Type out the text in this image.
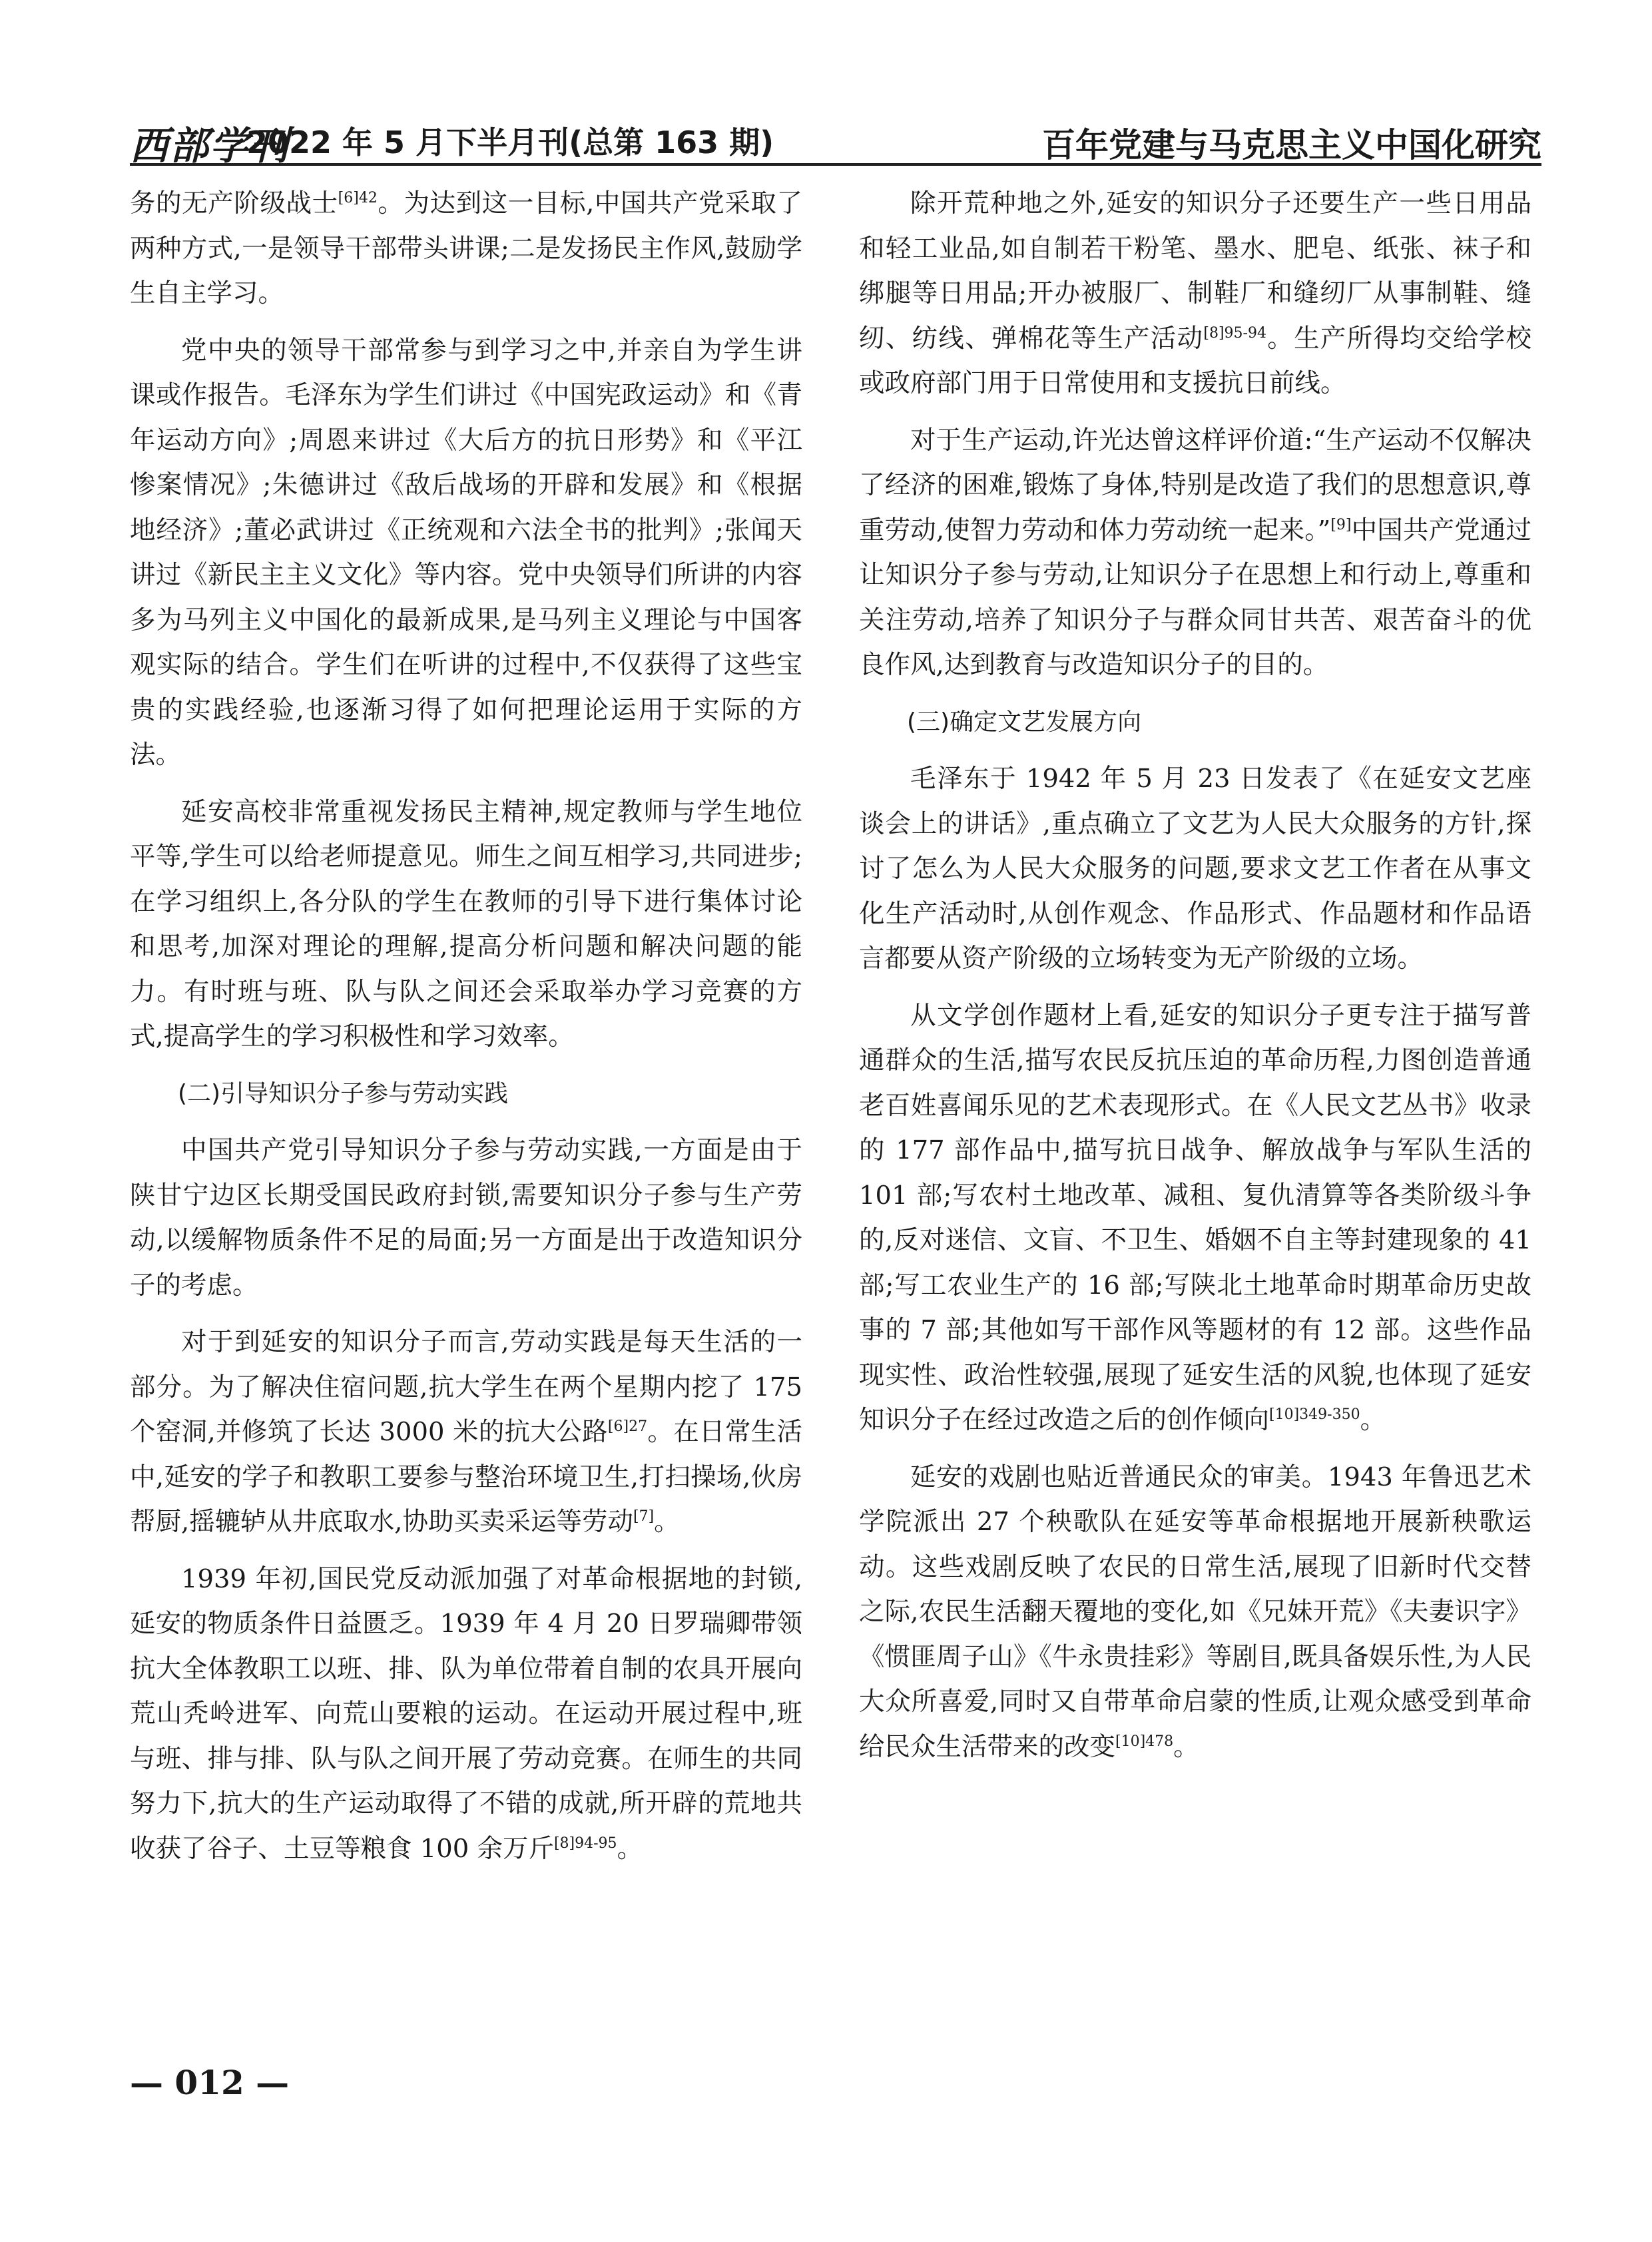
西部学刊
2022 年 5 月下半月刊(总第 163 期)	百年党建与马克思主义中国化研究

务的无产阶级战士$^{[6]42}$。为达到这一目标,中国共产党采取了两种方式,一是领导干部带头讲课;二是发扬民主作风,鼓励学生自主学习。

党中央的领导干部常参与到学习之中,并亲自为学生讲课或作报告。毛泽东为学生们讲过《中国宪政运动》和《青年运动方向》;周恩来讲过《大后方的抗日形势》和《平江惨案情况》;朱德讲过《敌后战场的开辟和发展》和《根据地经济》;董必武讲过《正统观和六法全书的批判》;张闻天讲过《新民主主义文化》等内容。党中央领导们所讲的内容多为马列主义中国化的最新成果,是马列主义理论与中国客观实际的结合。学生们在听讲的过程中,不仅获得了这些宝贵的实践经验,也逐渐习得了如何把理论运用于实际的方法。

延安高校非常重视发扬民主精神,规定教师与学生地位平等,学生可以给老师提意见。师生之间互相学习,共同进步;在学习组织上,各分队的学生在教师的引导下进行集体讨论和思考,加深对理论的理解,提高分析问题和解决问题的能力。有时班与班、队与队之间还会采取举办学习竞赛的方式,提高学生的学习积极性和学习效率。

(二)引导知识分子参与劳动实践

中国共产党引导知识分子参与劳动实践,一方面是由于陕甘宁边区长期受国民政府封锁,需要知识分子参与生产劳动,以缓解物质条件不足的局面;另一方面是出于改造知识分子的考虑。

对于到延安的知识分子而言,劳动实践是每天生活的一部分。为了解决住宿问题,抗大学生在两个星期内挖了 175 个窑洞,并修筑了长达 3000 米的抗大公路$^{[6]27}$。在日常生活中,延安的学子和教职工要参与整治环境卫生,打扫操场,伙房帮厨,摇辘轳从井底取水,协助买卖采运等劳动[7]。

1939 年初,国民党反动派加强了对革命根据地的封锁,延安的物质条件日益匮乏。1939 年 4 月 20 日罗瑞卿带领抗大全体教职工以班、排、队为单位带着自制的农具开展向荒山秃岭进军、向荒山要粮的运动。在运动开展过程中,班与班、排与排、队与队之间开展了劳动竞赛。在师生的共同努力下,抗大的生产运动取得了不错的成就,所开辟的荒地共收获了谷子、土豆等粮食 100 余万斤$^{[8]94-95}$。

除开荒种地之外,延安的知识分子还要生产一些日用品和轻工业品,如自制若干粉笔、墨水、肥皂、纸张、袜子和绑腿等日用品;开办被服厂、制鞋厂和缝纫厂从事制鞋、缝纫、纺线、弹棉花等生产活动$^{[8]95-94}$。生产所得均交给学校或政府部门用于日常使用和支援抗日前线。

对于生产运动,许光达曾这样评价道:“生产运动不仅解决了经济的困难,锻炼了身体,特别是改造了我们的思想意识,尊重劳动,使智力劳动和体力劳动统一起来。”[9]中国共产党通过让知识分子参与劳动,让知识分子在思想上和行动上,尊重和关注劳动,培养了知识分子与群众同甘共苦、艰苦奋斗的优良作风,达到教育与改造知识分子的目的。

(三)确定文艺发展方向

毛泽东于 1942 年 5 月 23 日发表了《在延安文艺座谈会上的讲话》,重点确立了文艺为人民大众服务的方针,探讨了怎么为人民大众服务的问题,要求文艺工作者在从事文化生产活动时,从创作观念、作品形式、作品题材和作品语言都要从资产阶级的立场转变为无产阶级的立场。

从文学创作题材上看,延安的知识分子更专注于描写普通群众的生活,描写农民反抗压迫的革命历程,力图创造普通老百姓喜闻乐见的艺术表现形式。在《人民文艺丛书》收录的 177 部作品中,描写抗日战争、解放战争与军队生活的 101 部;写农村土地改革、减租、复仇清算等各类阶级斗争的,反对迷信、文盲、不卫生、婚姻不自主等封建现象的 41 部;写工农业生产的 16 部;写陕北土地革命时期革命历史故事的 7 部;其他如写干部作风等题材的有 12 部。这些作品现实性、政治性较强,展现了延安生活的风貌,也体现了延安知识分子在经过改造之后的创作倾向$^{[10]349-350}$。

延安的戏剧也贴近普通民众的审美。1943 年鲁迅艺术学院派出 27 个秧歌队在延安等革命根据地开展新秧歌运动。这些戏剧反映了农民的日常生活,展现了旧新时代交替之际,农民生活翻天覆地的变化,如《兄妹开荒》《夫妻识字》《惯匪周子山》《牛永贵挂彩》等剧目,既具备娱乐性,为人民大众所喜爱,同时又自带革命启蒙的性质,让观众感受到革命给民众生活带来的改变$^{[10]478}$。

— 012 —
